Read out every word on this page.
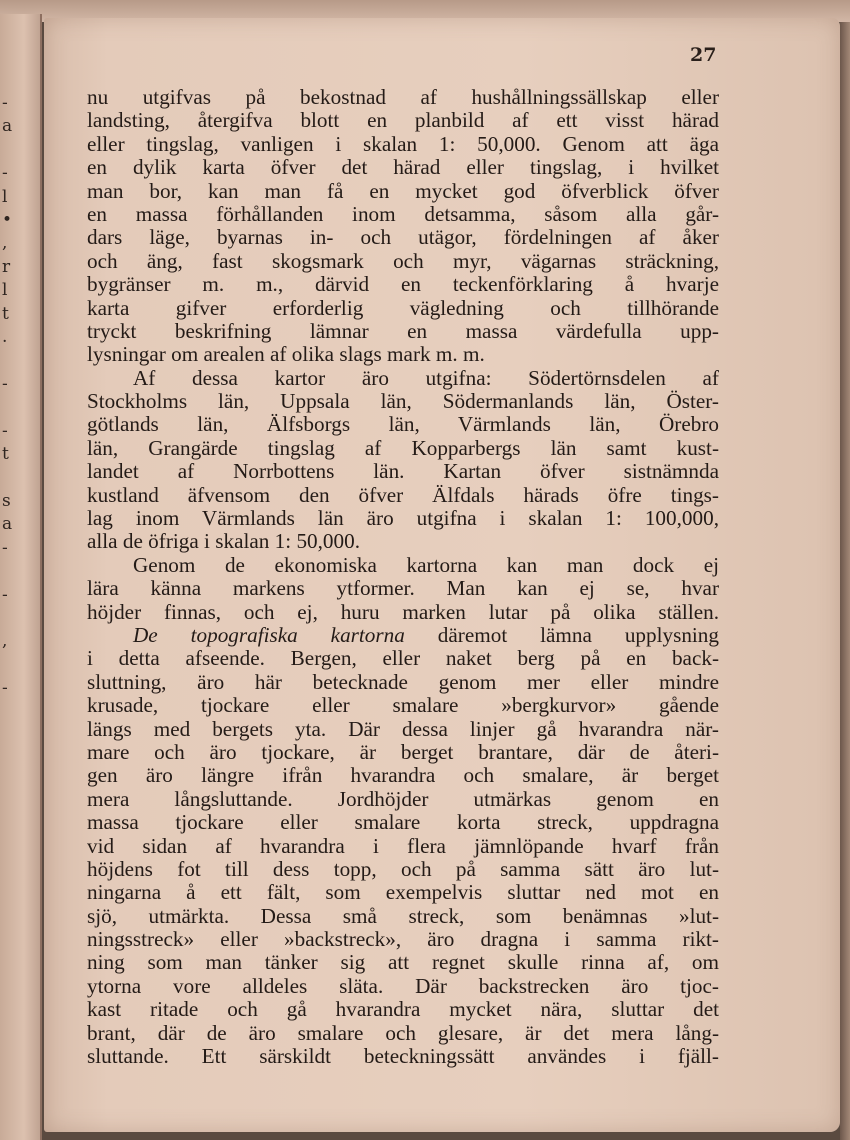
-
a

-
l
•
,
r
l
t
.

-

-
t

s
a
-

-

,

-
27
nu utgifvas på bekostnad af hushållningssällskap eller
landsting, återgifva blott en planbild af ett visst härad
eller tingslag, vanligen i skalan 1: 50,000. Genom att äga
en dylik karta öfver det härad eller tingslag, i hvilket
man bor, kan man få en mycket god öfverblick öfver
en massa förhållanden inom detsamma, såsom alla går-
dars läge, byarnas in- och utägor, fördelningen af åker
och äng, fast skogsmark och myr, vägarnas sträckning,
bygränser m. m., därvid en teckenförklaring å hvarje
karta gifver erforderlig vägledning och tillhörande
tryckt beskrifning lämnar en massa värdefulla upp-
lysningar om arealen af olika slags mark m. m.
Af dessa kartor äro utgifna: Södertörnsdelen af
Stockholms län, Uppsala län, Södermanlands län, Öster-
götlands län, Älfsborgs län, Värmlands län, Örebro
län, Grangärde tingslag af Kopparbergs län samt kust-
landet af Norrbottens län. Kartan öfver sistnämnda
kustland äfvensom den öfver Älfdals härads öfre tings-
lag inom Värmlands län äro utgifna i skalan 1: 100,000,
alla de öfriga i skalan 1: 50,000.
Genom de ekonomiska kartorna kan man dock ej
lära känna markens ytformer. Man kan ej se, hvar
höjder finnas, och ej, huru marken lutar på olika ställen.
De topografiska kartorna däremot lämna upplysning
i detta afseende. Bergen, eller naket berg på en back-
sluttning, äro här betecknade genom mer eller mindre
krusade, tjockare eller smalare »bergkurvor» gående
längs med bergets yta. Där dessa linjer gå hvarandra när-
mare och äro tjockare, är berget brantare, där de återi-
gen äro längre ifrån hvarandra och smalare, är berget
mera långsluttande. Jordhöjder utmärkas genom en
massa tjockare eller smalare korta streck, uppdragna
vid sidan af hvarandra i flera jämnlöpande hvarf från
höjdens fot till dess topp, och på samma sätt äro lut-
ningarna å ett fält, som exempelvis sluttar ned mot en
sjö, utmärkta. Dessa små streck, som benämnas »lut-
ningsstreck» eller »backstreck», äro dragna i samma rikt-
ning som man tänker sig att regnet skulle rinna af, om
ytorna vore alldeles släta. Där backstrecken äro tjoc-
kast ritade och gå hvarandra mycket nära, sluttar det
brant, där de äro smalare och glesare, är det mera lång-
sluttande. Ett särskildt beteckningssätt användes i fjäll-
